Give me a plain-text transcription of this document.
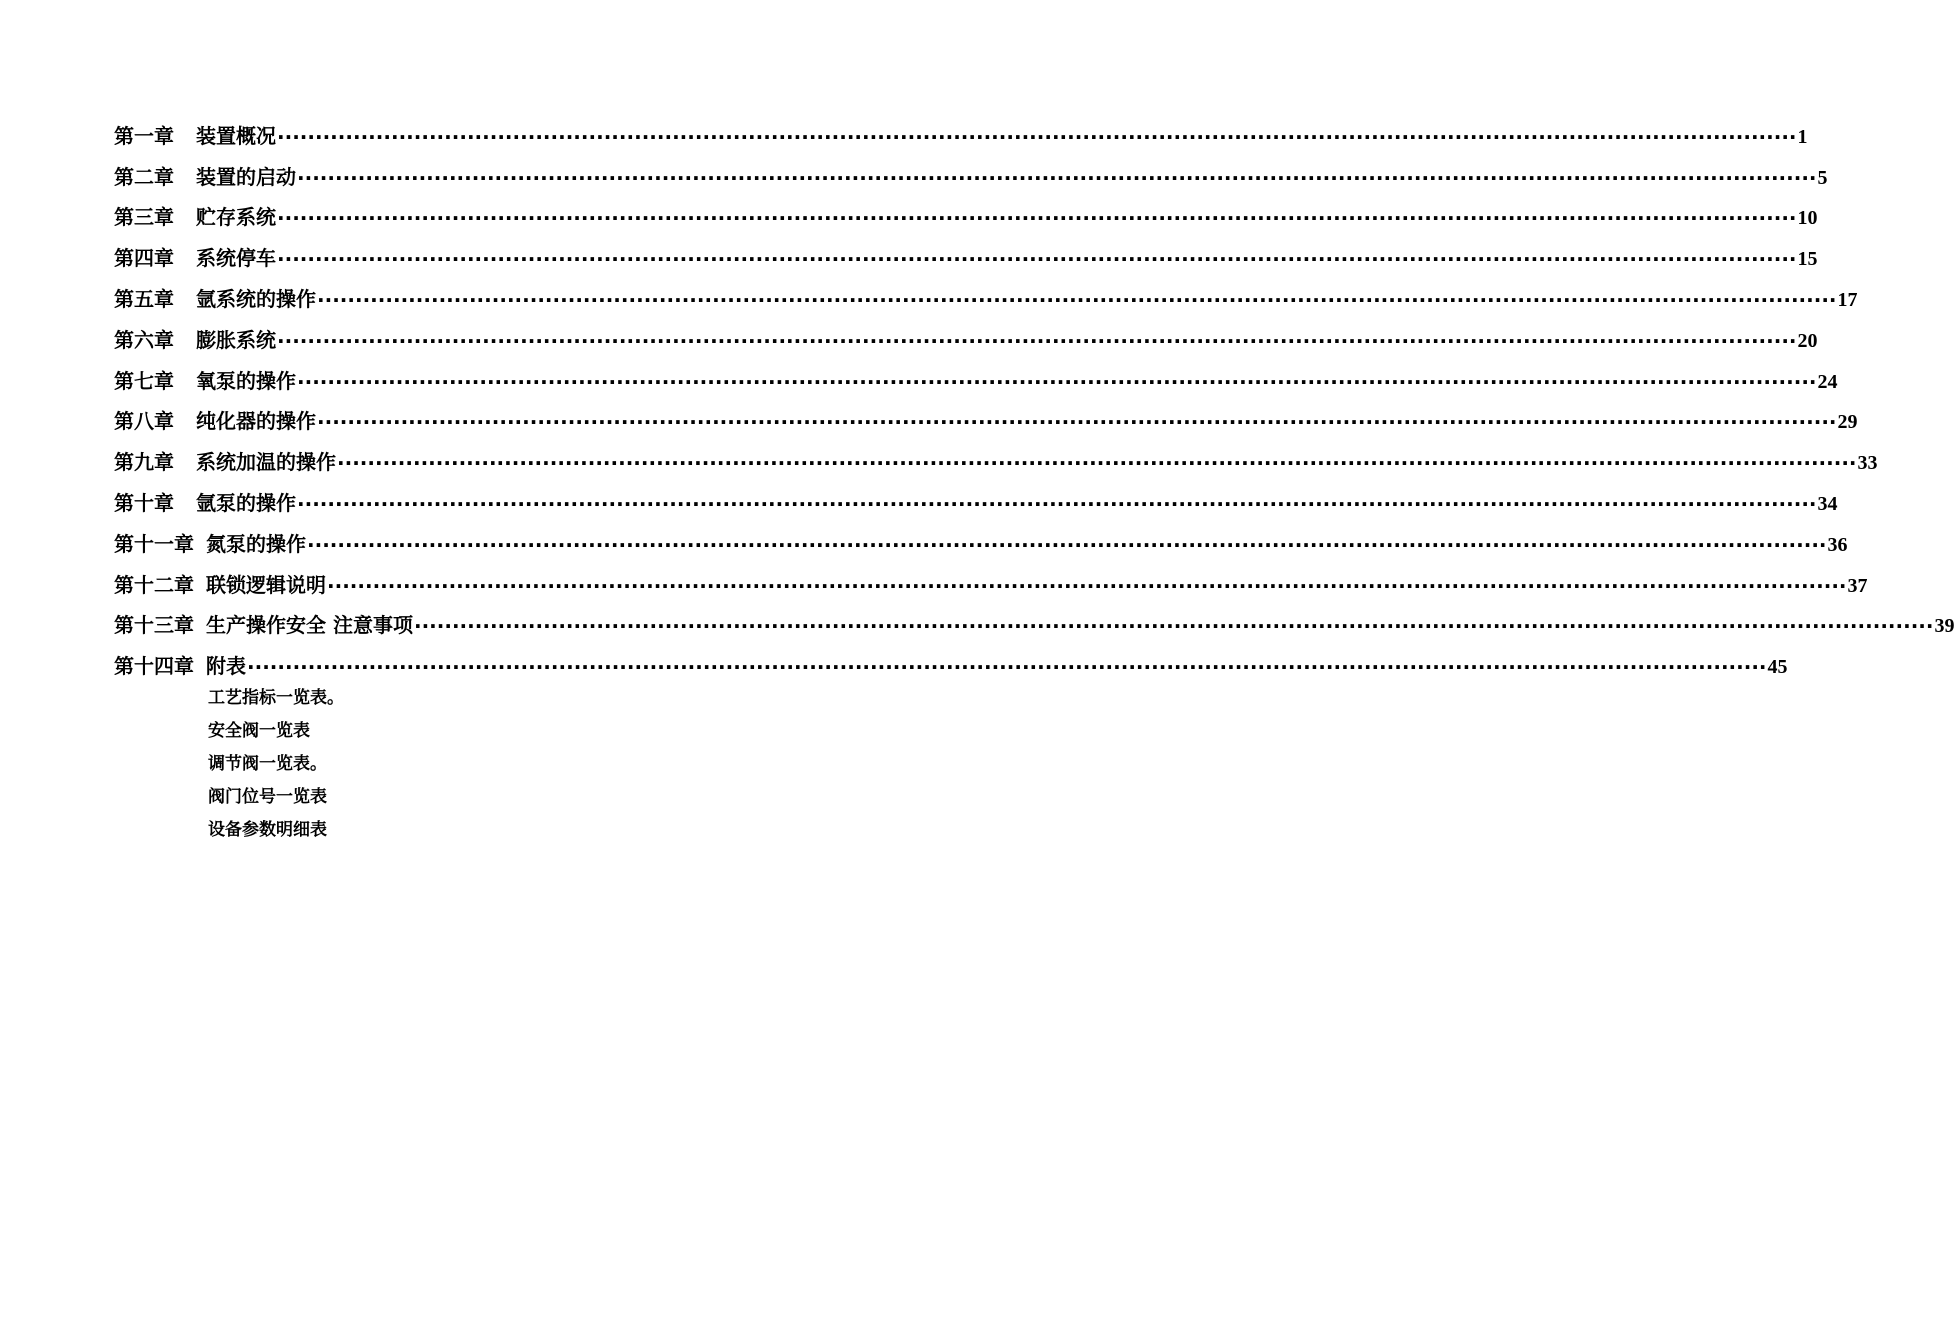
第一章 装置概况 ········································································································································································································ 1
第二章 装置的启动 ········································································································································································································ 5
第三章 贮存系统 ········································································································································································································ 10
第四章 系统停车 ········································································································································································································ 15
第五章 氩系统的操作 ········································································································································································································ 17
第六章 膨胀系统 ········································································································································································································ 20
第七章 氧泵的操作 ········································································································································································································ 24
第八章 纯化器的操作 ········································································································································································································ 29
第九章 系统加温的操作 ········································································································································································································ 33
第十章 氩泵的操作 ········································································································································································································ 34
第十一章 氮泵的操作 ········································································································································································································ 36
第十二章 联锁逻辑说明 ········································································································································································································ 37
第十三章 生产操作安全 注意事项 ········································································································································································································ 39
第十四章 附表 ········································································································································································································ 45
工艺指标一览表。
安全阀一览表
调节阀一览表。
阀门位号一览表
设备参数明细表
